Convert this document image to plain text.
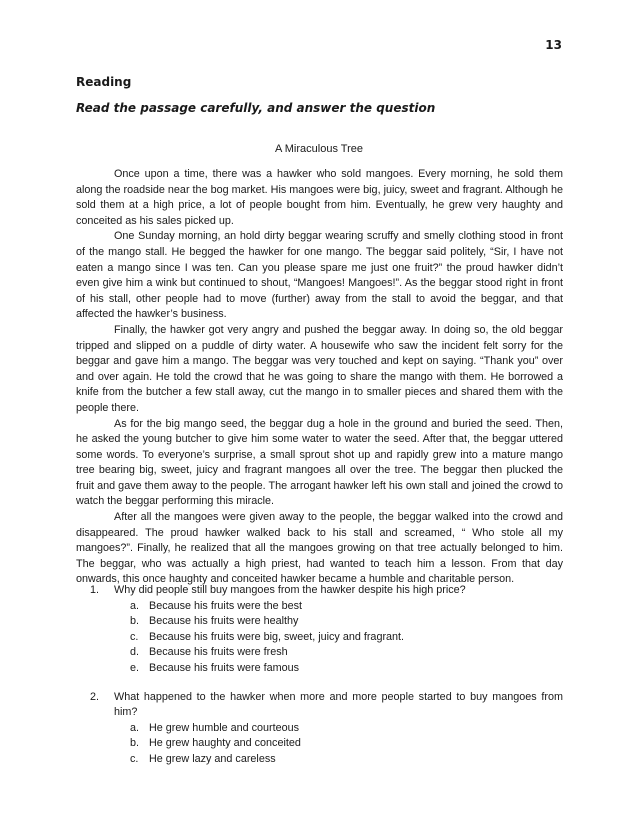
13
Reading
Read the passage carefully, and answer the question
A Miraculous Tree

Once upon a time, there was a hawker who sold mangoes. Every morning, he sold them along the roadside near the bog market. His mangoes were big, juicy, sweet and fragrant. Although he sold them at a high price, a lot of people bought from him. Eventually, he grew very haughty and conceited as his sales picked up.

One Sunday morning, an hold dirty beggar wearing scruffy and smelly clothing stood in front of the mango stall. He begged the hawker for one mango. The beggar said politely, “Sir, I have not eaten a mango since I was ten. Can you please spare me just one fruit?” the proud hawker didn’t even give him a wink but continued to shout, “Mangoes! Mangoes!”. As the beggar stood right in front of his stall, other people had to move (further) away from the stall to avoid the beggar, and that affected the hawker’s business.

Finally, the hawker got very angry and pushed the beggar away. In doing so, the old beggar tripped and slipped on a puddle of dirty water. A housewife who saw the incident felt sorry for the beggar and gave him a mango. The beggar was very touched and kept on saying. “Thank you” over and over again. He told the crowd that he was going to share the mango with them. He borrowed a knife from the butcher a few stall away, cut the mango in to smaller pieces and shared them with the people there.

As for the big mango seed, the beggar dug a hole in the ground and buried the seed. Then, he asked the young butcher to give him some water to water the seed. After that, the beggar uttered some words. To everyone’s surprise, a small sprout shot up and rapidly grew into a mature mango tree bearing big, sweet, juicy and fragrant mangoes all over the tree. The beggar then plucked the fruit and gave them away to the people. The arrogant hawker left his own stall and joined the crowd to watch the beggar performing this miracle.

After all the mangoes were given away to the people, the beggar walked into the crowd and disappeared. The proud hawker walked back to his stall and screamed, “ Who stole all my mangoes?”. Finally, he realized that all the mangoes growing on that tree actually belonged to him. The beggar, who was actually a high priest, had wanted to teach him a lesson. From that day onwards, this once haughty and conceited hawker became a humble and charitable person.

1. Why did people still buy mangoes from the hawker despite his high price?
a. Because his fruits were the best
b. Because his fruits were healthy
c. Because his fruits were big, sweet, juicy and fragrant.
d. Because his fruits were fresh
e. Because his fruits were famous
2. What happened to the hawker when more and more people started to buy mangoes from him?
a. He grew humble and courteous
b. He grew haughty and conceited
c. He grew lazy and careless
